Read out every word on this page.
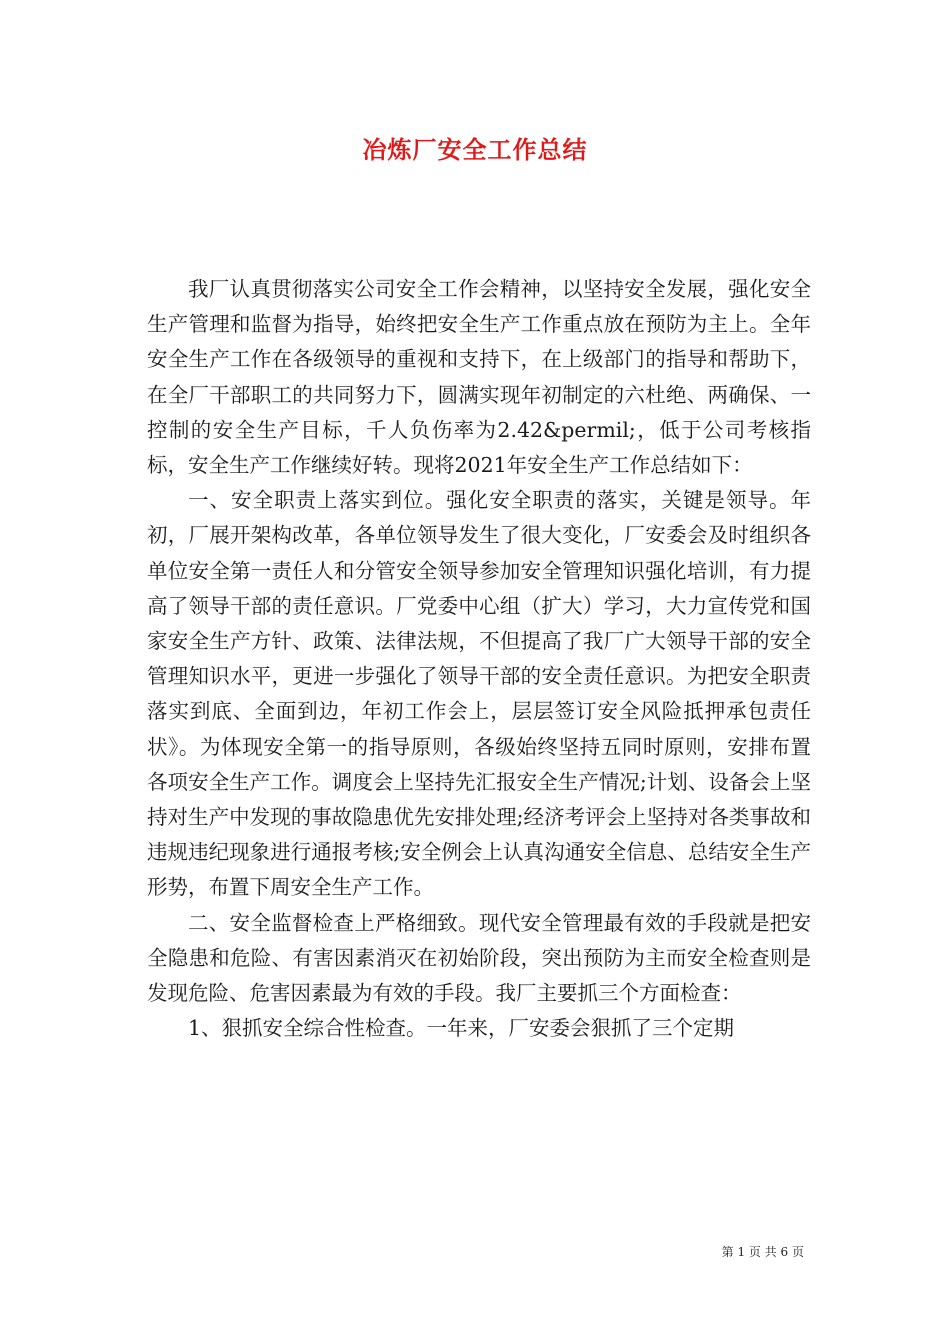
冶炼厂安全工作总结

我厂认真贯彻落实公司安全工作会精神，以坚持安全发展，强化安全生产管理和监督为指导，始终把安全生产工作重点放在预防为主上。全年安全生产工作在各级领导的重视和支持下，在上级部门的指导和帮助下，在全厂干部职工的共同努力下，圆满实现年初制定的六杜绝、两确保、一控制的安全生产目标，千人负伤率为2.42&permil;，低于公司考核指标，安全生产工作继续好转。现将2021年安全生产工作总结如下：

一、安全职责上落实到位。强化安全职责的落实，关键是领导。年初，厂展开架构改革，各单位领导发生了很大变化，厂安委会及时组织各单位安全第一责任人和分管安全领导参加安全管理知识强化培训，有力提高了领导干部的责任意识。厂党委中心组（扩大）学习，大力宣传党和国家安全生产方针、政策、法律法规，不但提高了我厂广大领导干部的安全管理知识水平，更进一步强化了领导干部的安全责任意识。为把安全职责落实到底、全面到边，年初工作会上，层层签订安全风险抵押承包责任状》。为体现安全第一的指导原则，各级始终坚持五同时原则，安排布置各项安全生产工作。调度会上坚持先汇报安全生产情况;计划、设备会上坚持对生产中发现的事故隐患优先安排处理;经济考评会上坚持对各类事故和违规违纪现象进行通报考核;安全例会上认真沟通安全信息、总结安全生产形势，布置下周安全生产工作。

二、安全监督检查上严格细致。现代安全管理最有效的手段就是把安全隐患和危险、有害因素消灭在初始阶段，突出预防为主而安全检查则是发现危险、危害因素最为有效的手段。我厂主要抓三个方面检查：

1、狠抓安全综合性检查。一年来，厂安委会狠抓了三个定期

第 1 页 共 6 页
